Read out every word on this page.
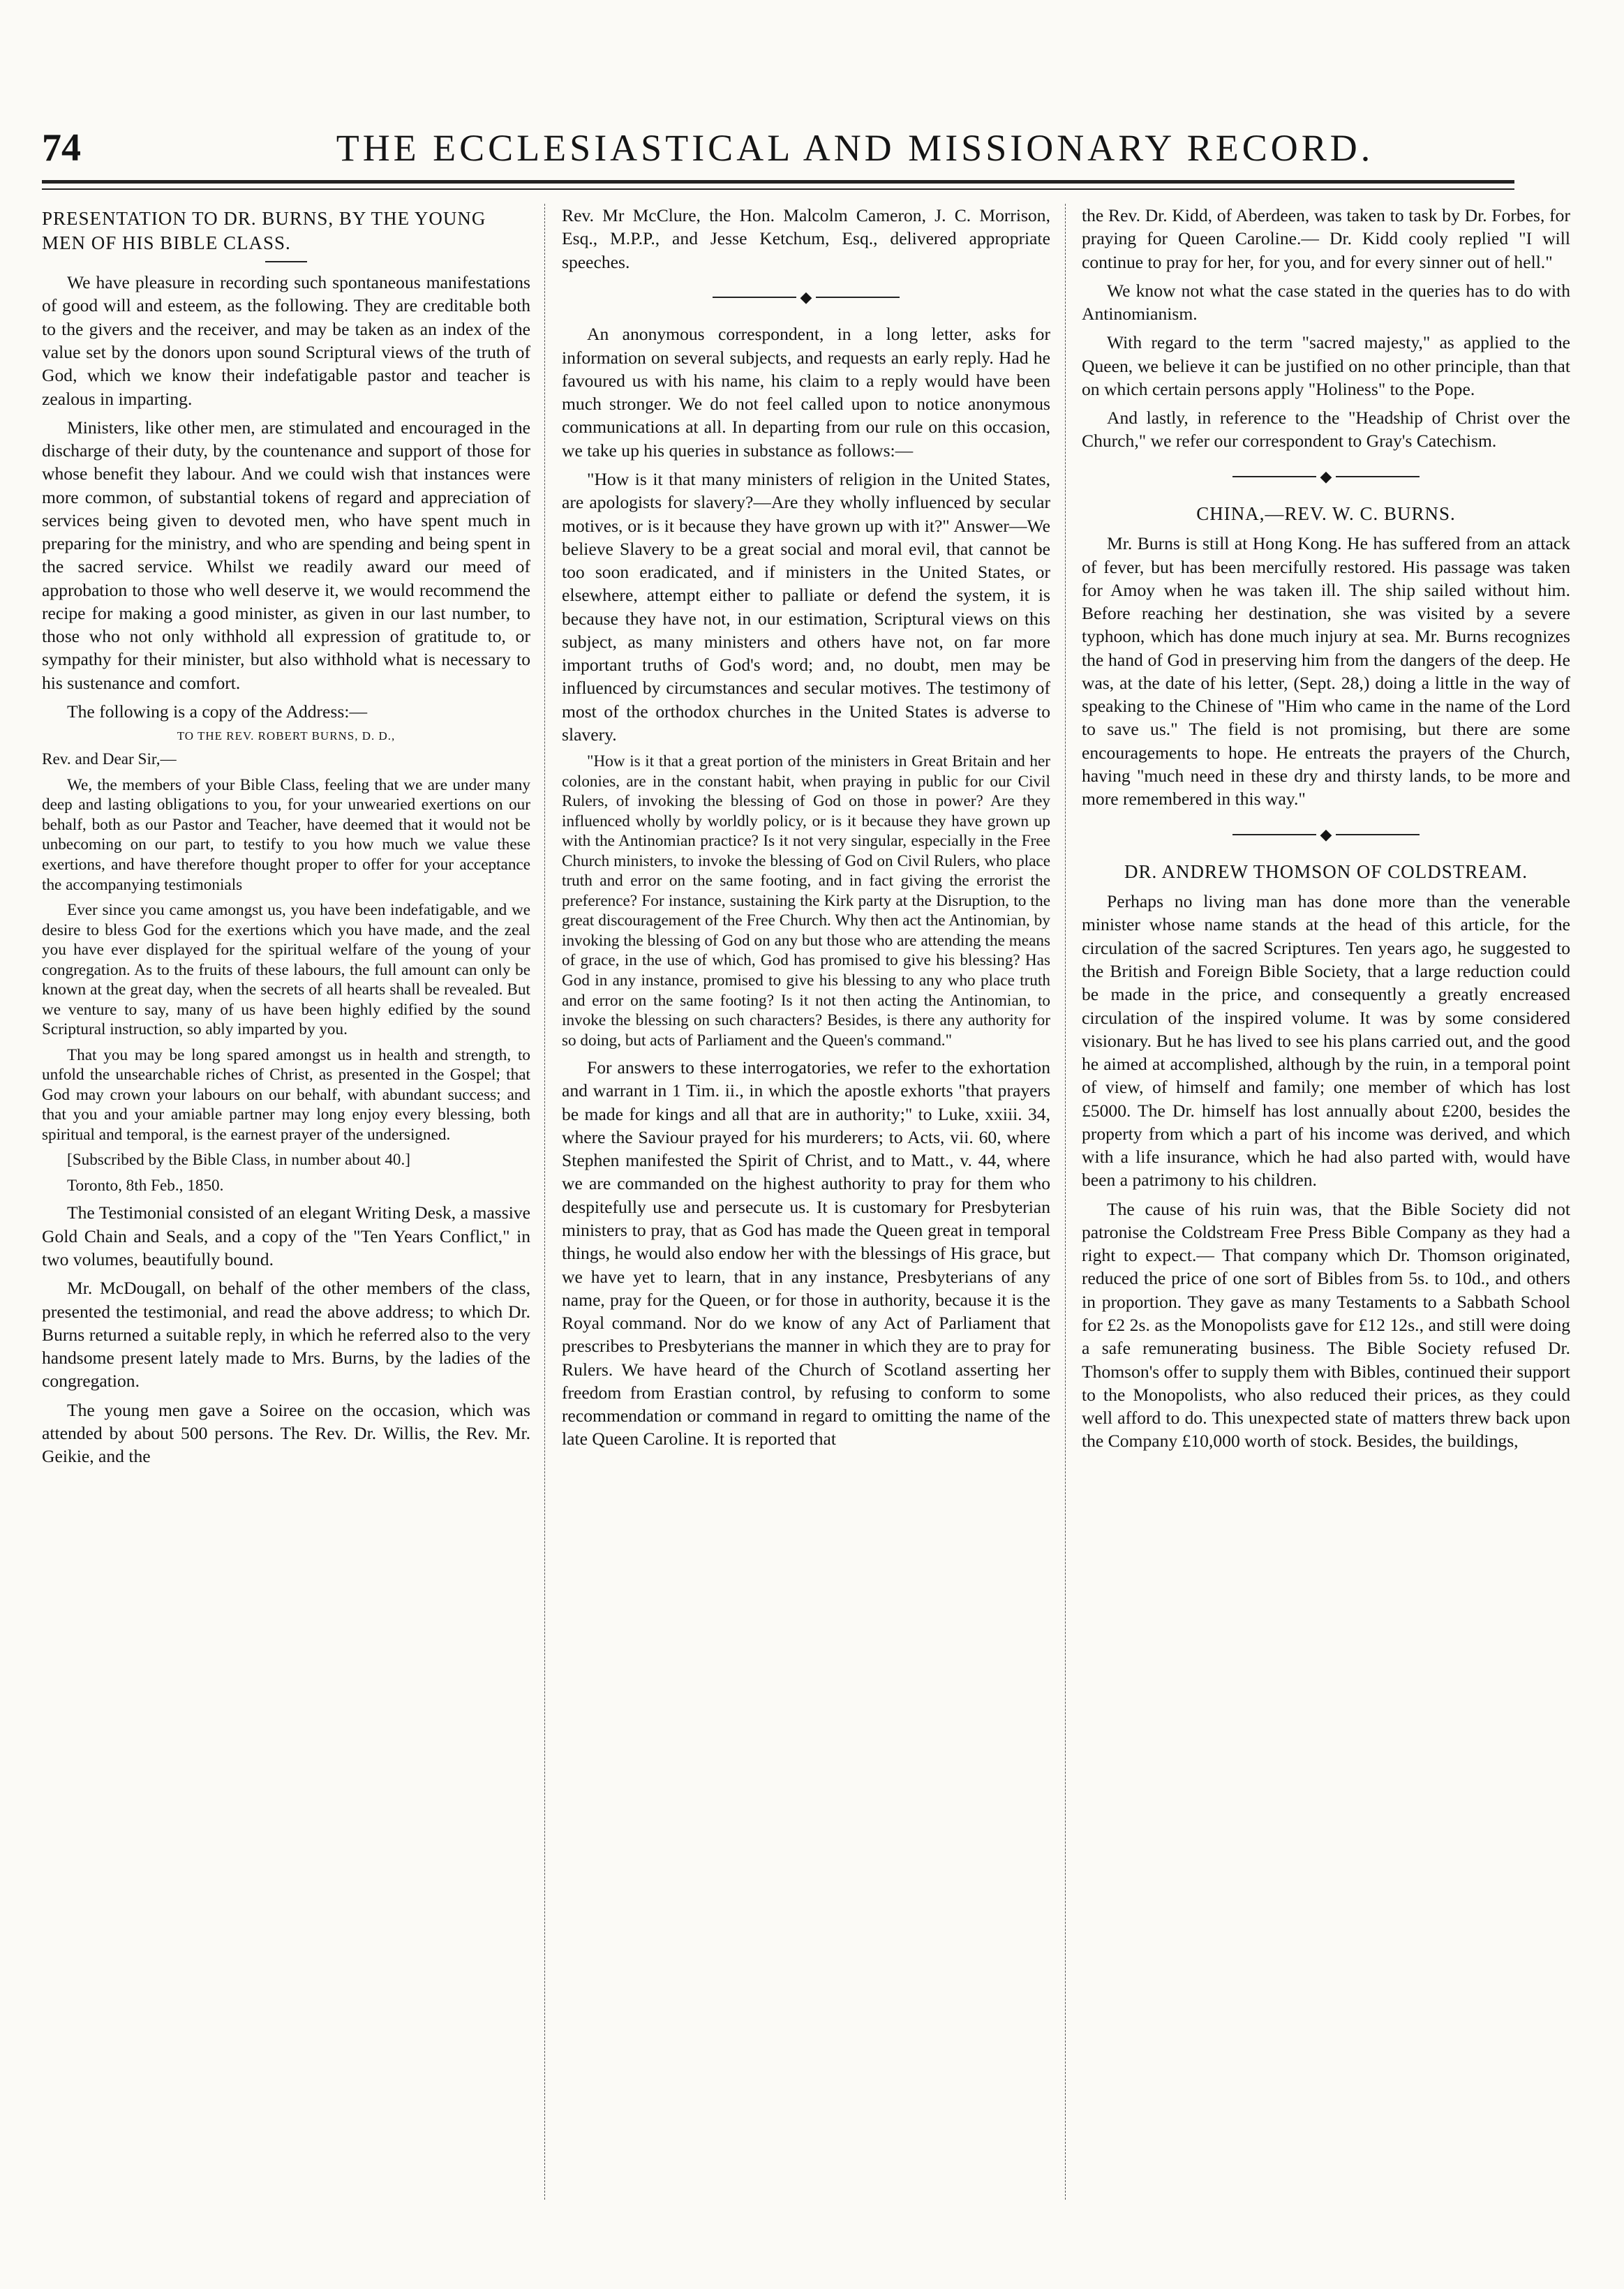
74	THE ECCLESIASTICAL AND MISSIONARY RECORD.
PRESENTATION TO DR. BURNS, BY THE YOUNG MEN OF HIS BIBLE CLASS.

We have pleasure in recording such spontaneous manifestations of good will and esteem, as the following. They are creditable both to the givers and the receiver, and may be taken as an index of the value set by the donors upon sound Scriptural views of the truth of God, which we know their indefatigable pastor and teacher is zealous in imparting.

Ministers, like other men, are stimulated and encouraged in the discharge of their duty, by the countenance and support of those for whose benefit they labour. And we could wish that instances were more common, of substantial tokens of regard and appreciation of services being given to devoted men, who have spent much in preparing for the ministry, and who are spending and being spent in the sacred service. Whilst we readily award our meed of approbation to those who well deserve it, we would recommend the recipe for making a good minister, as given in our last number, to those who not only withhold all expression of gratitude to, or sympathy for their minister, but also withhold what is necessary to his sustenance and comfort.

The following is a copy of the Address:—

TO THE REV. ROBERT BURNS, D. D.,

Rev. and Dear Sir,—

We, the members of your Bible Class, feeling that we are under many deep and lasting obligations to you, for your unwearied exertions on our behalf, both as our Pastor and Teacher, have deemed that it would not be unbecoming on our part, to testify to you how much we value these exertions, and have therefore thought proper to offer for your acceptance the accompanying testimonials

Ever since you came amongst us, you have been indefatigable, and we desire to bless God for the exertions which you have made, and the zeal you have ever displayed for the spiritual welfare of the young of your congregation. As to the fruits of these labours, the full amount can only be known at the great day, when the secrets of all hearts shall be revealed. But we venture to say, many of us have been highly edified by the sound Scriptural instruction, so ably imparted by you.

That you may be long spared amongst us in health and strength, to unfold the unsearchable riches of Christ, as presented in the Gospel; that God may crown your labours on our behalf, with abundant success; and that you and your amiable partner may long enjoy every blessing, both spiritual and temporal, is the earnest prayer of the undersigned.

[Subscribed by the Bible Class, in number about 40.]

Toronto, 8th Feb., 1850.

The Testimonial consisted of an elegant Writing Desk, a massive Gold Chain and Seals, and a copy of the "Ten Years Conflict," in two volumes, beautifully bound.

Mr. McDougall, on behalf of the other members of the class, presented the testimonial, and read the above address; to which Dr. Burns returned a suitable reply, in which he referred also to the very handsome present lately made to Mrs. Burns, by the ladies of the congregation.

The young men gave a Soiree on the occasion, which was attended by about 500 persons. The Rev. Dr. Willis, the Rev. Mr. Geikie, and the

Rev. Mr McClure, the Hon. Malcolm Cameron, J. C. Morrison, Esq., M.P.P., and Jesse Ketchum, Esq., delivered appropriate speeches.

◆

An anonymous correspondent, in a long letter, asks for information on several subjects, and requests an early reply. Had he favoured us with his name, his claim to a reply would have been much stronger. We do not feel called upon to notice anonymous communications at all. In departing from our rule on this occasion, we take up his queries in substance as follows:—

"How is it that many ministers of religion in the United States, are apologists for slavery?—Are they wholly influenced by secular motives, or is it because they have grown up with it?" Answer—We believe Slavery to be a great social and moral evil, that cannot be too soon eradicated, and if ministers in the United States, or elsewhere, attempt either to palliate or defend the system, it is because they have not, in our estimation, Scriptural views on this subject, as many ministers and others have not, on far more important truths of God's word; and, no doubt, men may be influenced by circumstances and secular motives. The testimony of most of the orthodox churches in the United States is adverse to slavery.

"How is it that a great portion of the ministers in Great Britain and her colonies, are in the constant habit, when praying in public for our Civil Rulers, of invoking the blessing of God on those in power? Are they influenced wholly by worldly policy, or is it because they have grown up with the Antinomian practice? Is it not very singular, especially in the Free Church ministers, to invoke the blessing of God on Civil Rulers, who place truth and error on the same footing, and in fact giving the errorist the preference? For instance, sustaining the Kirk party at the Disruption, to the great discouragement of the Free Church. Why then act the Antinomian, by invoking the blessing of God on any but those who are attending the means of grace, in the use of which, God has promised to give his blessing? Has God in any instance, promised to give his blessing to any who place truth and error on the same footing? Is it not then acting the Antinomian, to invoke the blessing on such characters? Besides, is there any authority for so doing, but acts of Parliament and the Queen's command."

For answers to these interrogatories, we refer to the exhortation and warrant in 1 Tim. ii., in which the apostle exhorts "that prayers be made for kings and all that are in authority;" to Luke, xxiii. 34, where the Saviour prayed for his murderers; to Acts, vii. 60, where Stephen manifested the Spirit of Christ, and to Matt., v. 44, where we are commanded on the highest authority to pray for them who despitefully use and persecute us. It is customary for Presbyterian ministers to pray, that as God has made the Queen great in temporal things, he would also endow her with the blessings of His grace, but we have yet to learn, that in any instance, Presbyterians of any name, pray for the Queen, or for those in authority, because it is the Royal command. Nor do we know of any Act of Parliament that prescribes to Presbyterians the manner in which they are to pray for Rulers. We have heard of the Church of Scotland asserting her freedom from Erastian control, by refusing to conform to some recommendation or command in regard to omitting the name of the late Queen Caroline. It is reported that

the Rev. Dr. Kidd, of Aberdeen, was taken to task by Dr. Forbes, for praying for Queen Caroline.— Dr. Kidd cooly replied "I will continue to pray for her, for you, and for every sinner out of hell."

We know not what the case stated in the queries has to do with Antinomianism.

With regard to the term "sacred majesty," as applied to the Queen, we believe it can be justified on no other principle, than that on which certain persons apply "Holiness" to the Pope.

And lastly, in reference to the "Headship of Christ over the Church," we refer our correspondent to Gray's Catechism.

◆
CHINA,—REV. W. C. BURNS.

Mr. Burns is still at Hong Kong. He has suffered from an attack of fever, but has been mercifully restored. His passage was taken for Amoy when he was taken ill. The ship sailed without him. Before reaching her destination, she was visited by a severe typhoon, which has done much injury at sea. Mr. Burns recognizes the hand of God in preserving him from the dangers of the deep. He was, at the date of his letter, (Sept. 28,) doing a little in the way of speaking to the Chinese of "Him who came in the name of the Lord to save us." The field is not promising, but there are some encouragements to hope. He entreats the prayers of the Church, having "much need in these dry and thirsty lands, to be more and more remembered in this way."

◆
DR. ANDREW THOMSON OF COLDSTREAM.

Perhaps no living man has done more than the venerable minister whose name stands at the head of this article, for the circulation of the sacred Scriptures. Ten years ago, he suggested to the British and Foreign Bible Society, that a large reduction could be made in the price, and consequently a greatly encreased circulation of the inspired volume. It was by some considered visionary. But he has lived to see his plans carried out, and the good he aimed at accomplished, although by the ruin, in a temporal point of view, of himself and family; one member of which has lost £5000. The Dr. himself has lost annually about £200, besides the property from which a part of his income was derived, and which with a life insurance, which he had also parted with, would have been a patrimony to his children.

The cause of his ruin was, that the Bible Society did not patronise the Coldstream Free Press Bible Company as they had a right to expect.— That company which Dr. Thomson originated, reduced the price of one sort of Bibles from 5s. to 10d., and others in proportion. They gave as many Testaments to a Sabbath School for £2 2s. as the Monopolists gave for £12 12s., and still were doing a safe remunerating business. The Bible Society refused Dr. Thomson's offer to supply them with Bibles, continued their support to the Monopolists, who also reduced their prices, as they could well afford to do. This unexpected state of matters threw back upon the Company £10,000 worth of stock. Besides, the buildings,
